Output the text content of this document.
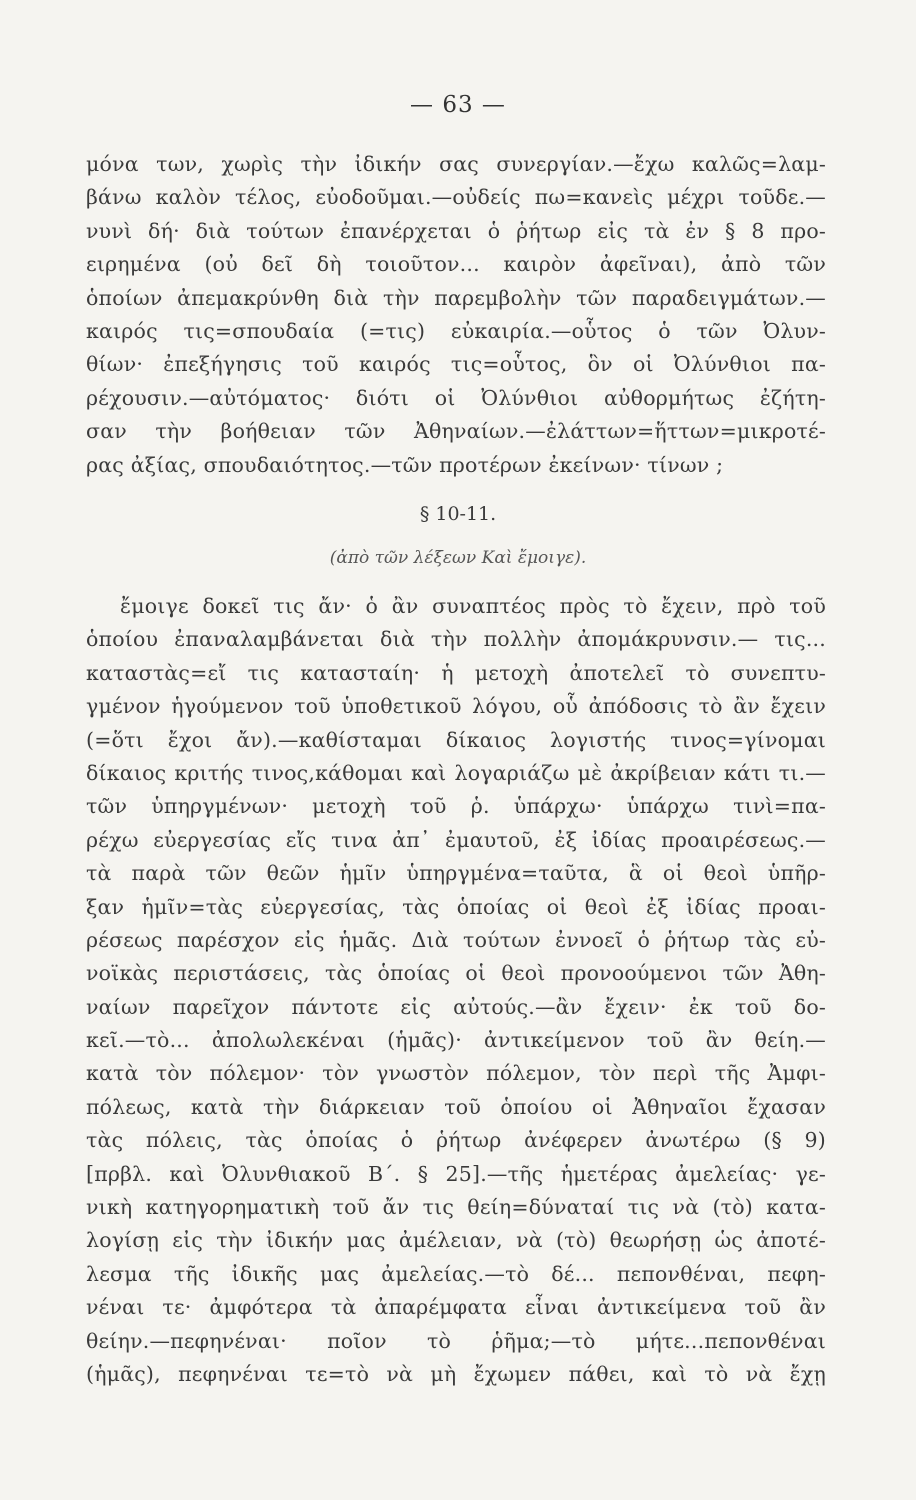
— 63 —
μόνα των, χωρὶς τὴν ἰδικήν σας συνεργίαν.—ἔχω καλῶς=λαμ-
βάνω καλὸν τέλος, εὐοδοῦμαι.—οὐδείς πω=κανεὶς μέχρι τοῦδε.—
νυνὶ δή· διὰ τούτων ἐπανέρχεται ὁ ῥήτωρ εἰς τὰ ἐν § 8 προ-
ειρημένα (οὐ δεῖ δὴ τοιοῦτον... καιρὸν ἀφεῖναι), ἀπὸ τῶν
ὁποίων ἀπεμακρύνθη διὰ τὴν παρεμβολὴν τῶν παραδειγμάτων.—
καιρός τις=σπουδαία (=τις) εὐκαιρία.—οὗτος ὁ τῶν Ὀλυν-
θίων· ἐπεξήγησις τοῦ καιρός τις=οὗτος, ὃν οἱ Ὀλύνθιοι πα-
ρέχουσιν.—αὐτόματος· διότι οἱ Ὀλύνθιοι αὐθορμήτως ἐζήτη-
σαν τὴν βοήθειαν τῶν Ἀθηναίων.—ἐλάττων=ἥττων=μικροτέ-
ρας ἀξίας, σπουδαιότητος.—τῶν προτέρων ἐκείνων· τίνων ;
§ 10-11.
(ἀπὸ τῶν λέξεων Καὶ ἔμοιγε).
ἔμοιγε δοκεῖ τις ἄν· ὁ ἂν συναπτέος πρὸς τὸ ἔχειν, πρὸ τοῦ
ὁποίου ἐπαναλαμβάνεται διὰ τὴν πολλὴν ἀπομάκρυνσιν.— τις...
καταστὰς=εἴ τις κατασταίη· ἡ μετοχὴ ἀποτελεῖ τὸ συνεπτυ-
γμένον ἡγούμενον τοῦ ὑποθετικοῦ λόγου, οὗ ἀπόδοσις τὸ ἂν ἔχειν
(=ὅτι ἔχοι ἄν).—καθίσταμαι δίκαιος λογιστής τινος=γίνομαι
δίκαιος κριτής τινος,κάθομαι καὶ λογαριάζω μὲ ἀκρίβειαν κάτι τι.—
τῶν ὑπηργμένων· μετοχὴ τοῦ ῥ. ὑπάρχω· ὑπάρχω τινὶ=πα-
ρέχω εὐεργεσίας εἴς τινα ἀπ᾽ ἐμαυτοῦ, ἐξ ἰδίας προαιρέσεως.—
τὰ παρὰ τῶν θεῶν ἡμῖν ὑπηργμένα=ταῦτα, ἃ οἱ θεοὶ ὑπῆρ-
ξαν ἡμῖν=τὰς εὐεργεσίας, τὰς ὁποίας οἱ θεοὶ ἐξ ἰδίας προαι-
ρέσεως παρέσχον εἰς ἡμᾶς. Διὰ τούτων ἐννοεῖ ὁ ῥήτωρ τὰς εὐ-
νοϊκὰς περιστάσεις, τὰς ὁποίας οἱ θεοὶ προνοούμενοι τῶν Ἀθη-
ναίων παρεῖχον πάντοτε εἰς αὐτούς.—ἂν ἔχειν· ἐκ τοῦ δο-
κεῖ.—τὸ... ἀπολωλεκέναι (ἡμᾶς)· ἀντικείμενον τοῦ ἂν θείη.—
κατὰ τὸν πόλεμον· τὸν γνωστὸν πόλεμον, τὸν περὶ τῆς Ἀμφι-
πόλεως, κατὰ τὴν διάρκειαν τοῦ ὁποίου οἱ Ἀθηναῖοι ἔχασαν
τὰς πόλεις, τὰς ὁποίας ὁ ῥήτωρ ἀνέφερεν ἀνωτέρω (§ 9)
[πρβλ. καὶ Ὀλυνθιακοῦ Β΄. § 25].—τῆς ἡμετέρας ἀμελείας· γε-
νικὴ κατηγορηματικὴ τοῦ ἄν τις θείη=δύναταί τις νὰ (τὸ) κατα-
λογίσῃ εἰς τὴν ἰδικήν μας ἀμέλειαν, νὰ (τὸ) θεωρήσῃ ὡς ἀποτέ-
λεσμα τῆς ἰδικῆς μας ἀμελείας.—τὸ δέ... πεπονθέναι, πεφη-
νέναι τε· ἀμφότερα τὰ ἀπαρέμφατα εἶναι ἀντικείμενα τοῦ ἂν
θείην.—πεφηνέναι· ποῖον τὸ ῥῆμα;—τὸ μήτε...πεπονθέναι
(ἡμᾶς), πεφηνέναι τε=τὸ νὰ μὴ ἔχωμεν πάθει, καὶ τὸ νὰ ἔχῃ
